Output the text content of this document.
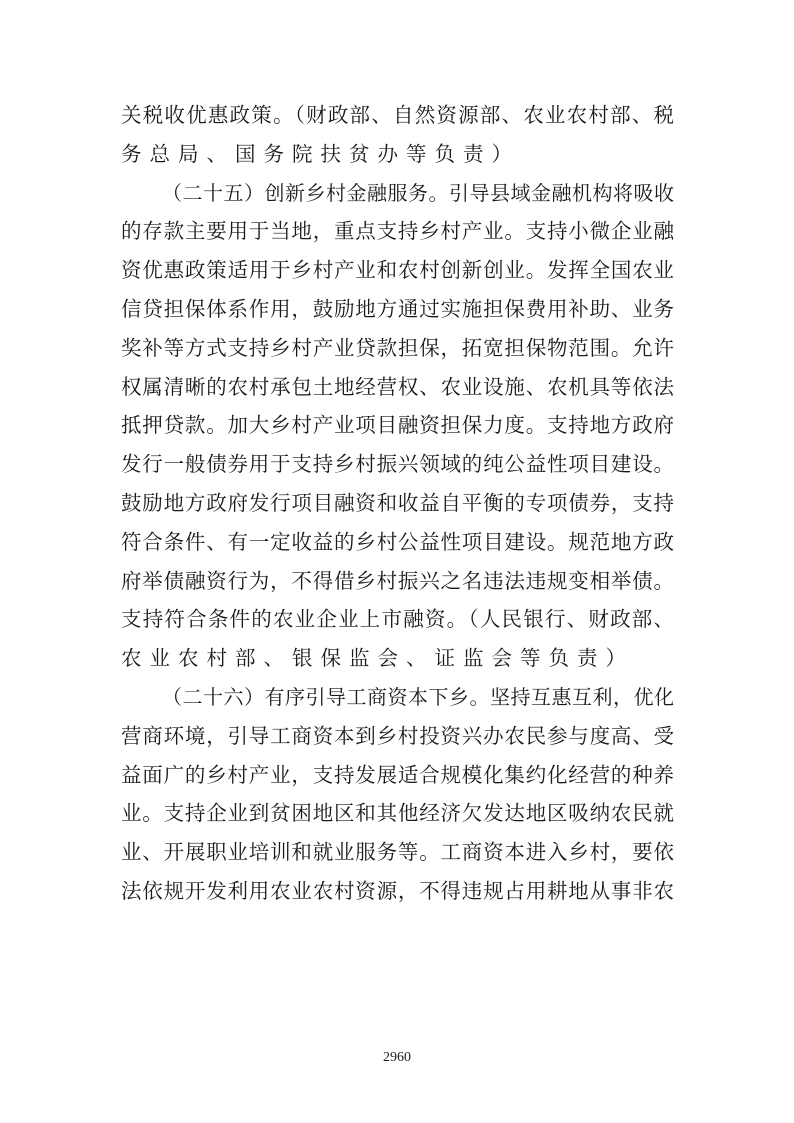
关税收优惠政策。（财政部、自然资源部、农业农村部、税
务总局、国务院扶贫办等负责）
（二十五）创新乡村金融服务。引导县域金融机构将吸收
的存款主要用于当地，重点支持乡村产业。支持小微企业融
资优惠政策适用于乡村产业和农村创新创业。发挥全国农业
信贷担保体系作用，鼓励地方通过实施担保费用补助、业务
奖补等方式支持乡村产业贷款担保，拓宽担保物范围。允许
权属清晰的农村承包土地经营权、农业设施、农机具等依法
抵押贷款。加大乡村产业项目融资担保力度。支持地方政府
发行一般债券用于支持乡村振兴领域的纯公益性项目建设。
鼓励地方政府发行项目融资和收益自平衡的专项债券，支持
符合条件、有一定收益的乡村公益性项目建设。规范地方政
府举债融资行为，不得借乡村振兴之名违法违规变相举债。
支持符合条件的农业企业上市融资。（人民银行、财政部、
农业农村部、银保监会、证监会等负责）
（二十六）有序引导工商资本下乡。坚持互惠互利，优化
营商环境，引导工商资本到乡村投资兴办农民参与度高、受
益面广的乡村产业，支持发展适合规模化集约化经营的种养
业。支持企业到贫困地区和其他经济欠发达地区吸纳农民就
业、开展职业培训和就业服务等。工商资本进入乡村，要依
法依规开发利用农业农村资源，不得违规占用耕地从事非农
2960
